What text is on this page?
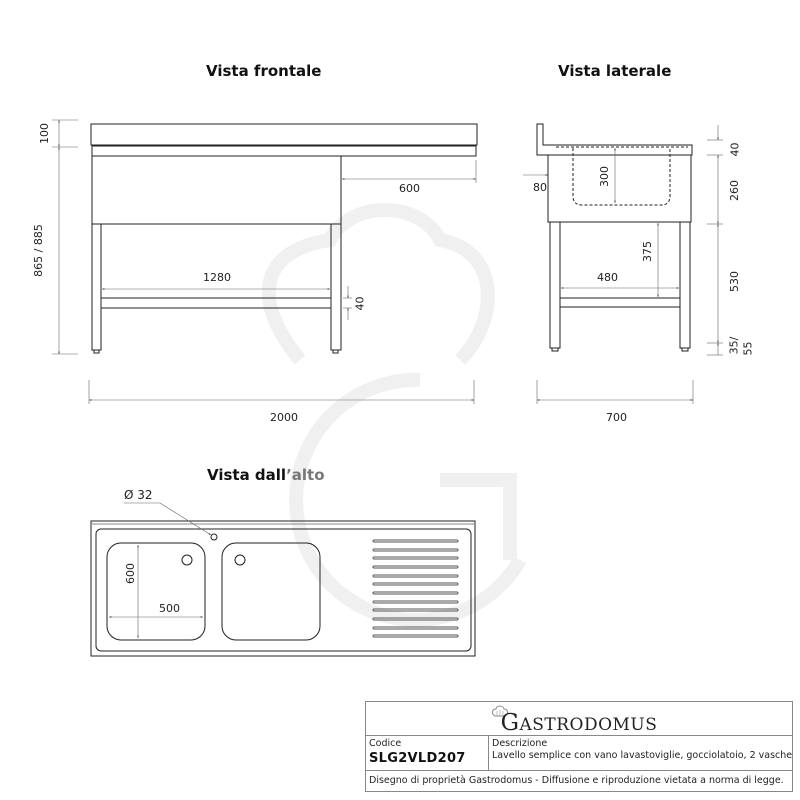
Vista frontale	Vista laterale
Vista dall’alto
100
865 / 885
600
1280
40
2000
80
300
375
480
40
260
530
35/ 55
700
Ø 32
600
500
GASTRODOMUS
Codice
SLG2VLD207
Descrizione
Lavello semplice con vano lavastoviglie, gocciolatoio, 2 vasche
Disegno di proprietà Gastrodomus - Diffusione e riproduzione vietata a norma di legge.
